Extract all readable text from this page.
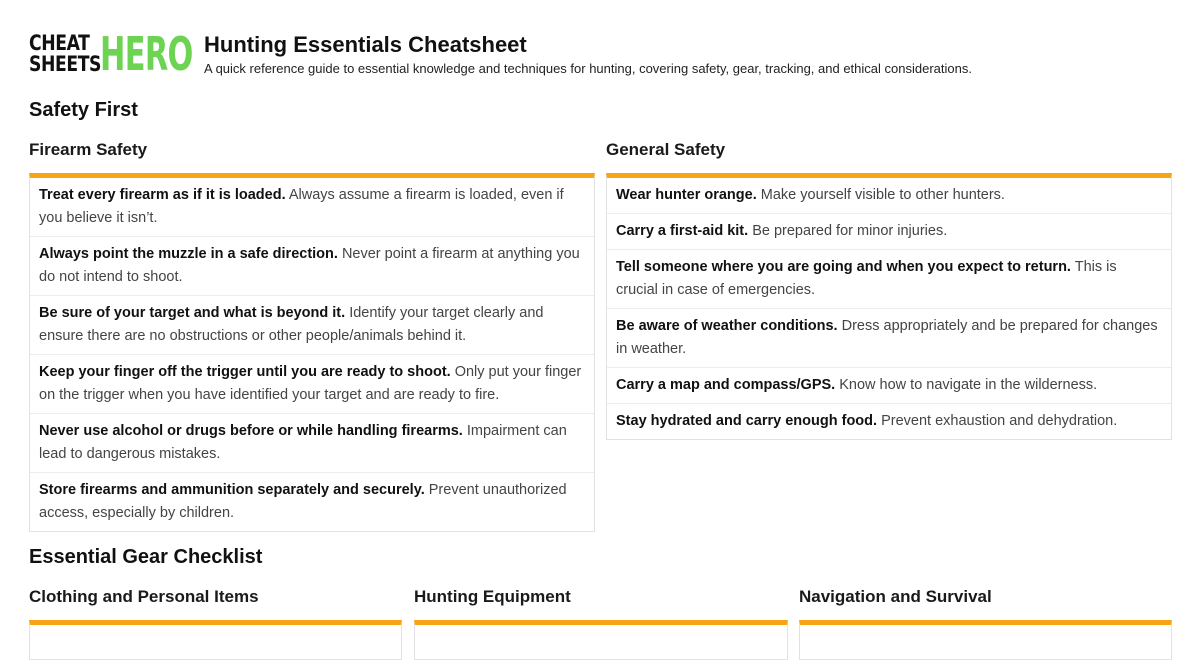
CHEAT
SHEETS
HERO Hunting Essentials Cheatsheet

A quick reference guide to essential knowledge and techniques for hunting, covering safety, gear, tracking, and ethical considerations.

Safety First
Firearm Safety
Treat every firearm as if it is loaded. Always assume a firearm is loaded, even if you believe it isn’t.
Always point the muzzle in a safe direction. Never point a firearm at anything you do not intend to shoot.
Be sure of your target and what is beyond it. Identify your target clearly and ensure there are no obstructions or other people/animals behind it.
Keep your finger off the trigger until you are ready to shoot. Only put your finger on the trigger when you have identified your target and are ready to fire.
Never use alcohol or drugs before or while handling firearms. Impairment can lead to dangerous mistakes.
Store firearms and ammunition separately and securely. Prevent unauthorized access, especially by children.
General Safety
Wear hunter orange. Make yourself visible to other hunters.
Carry a first-aid kit. Be prepared for minor injuries.
Tell someone where you are going and when you expect to return. This is crucial in case of emergencies.
Be aware of weather conditions. Dress appropriately and be prepared for changes in weather.
Carry a map and compass/GPS. Know how to navigate in the wilderness.
Stay hydrated and carry enough food. Prevent exhaustion and dehydration.
Essential Gear Checklist
Clothing and Personal Items	Hunting Equipment	Navigation and Survival
